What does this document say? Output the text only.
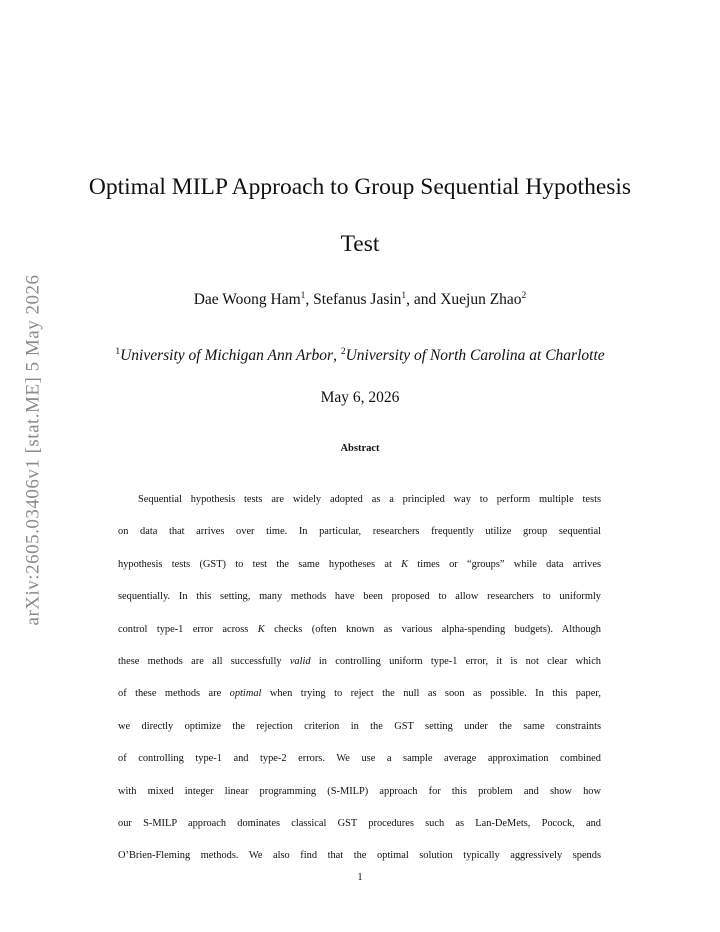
arXiv:2605.03406v1 [stat.ME] 5 May 2026
Optimal MILP Approach to Group Sequential Hypothesis
Test
Dae Woong Ham$^1$, Stefanus Jasin$^1$, and Xuejun Zhao$^2$
$^1$University of Michigan Ann Arbor, $^2$University of North Carolina at Charlotte
May 6, 2026
Abstract
Sequential hypothesis tests are widely adopted as a principled way to perform multiple tests
on data that arrives over time. In particular, researchers frequently utilize group sequential
hypothesis tests (GST) to test the same hypotheses at K times or “groups” while data arrives
sequentially. In this setting, many methods have been proposed to allow researchers to uniformly
control type-1 error across K checks (often known as various alpha-spending budgets). Although
these methods are all successfully valid in controlling uniform type-1 error, it is not clear which
of these methods are optimal when trying to reject the null as soon as possible. In this paper,
we directly optimize the rejection criterion in the GST setting under the same constraints
of controlling type-1 and type-2 errors. We use a sample average approximation combined
with mixed integer linear programming (S-MILP) approach for this problem and show how
our S-MILP approach dominates classical GST procedures such as Lan-DeMets, Pocock, and
O’Brien-Fleming methods. We also find that the optimal solution typically aggressively spends
1
